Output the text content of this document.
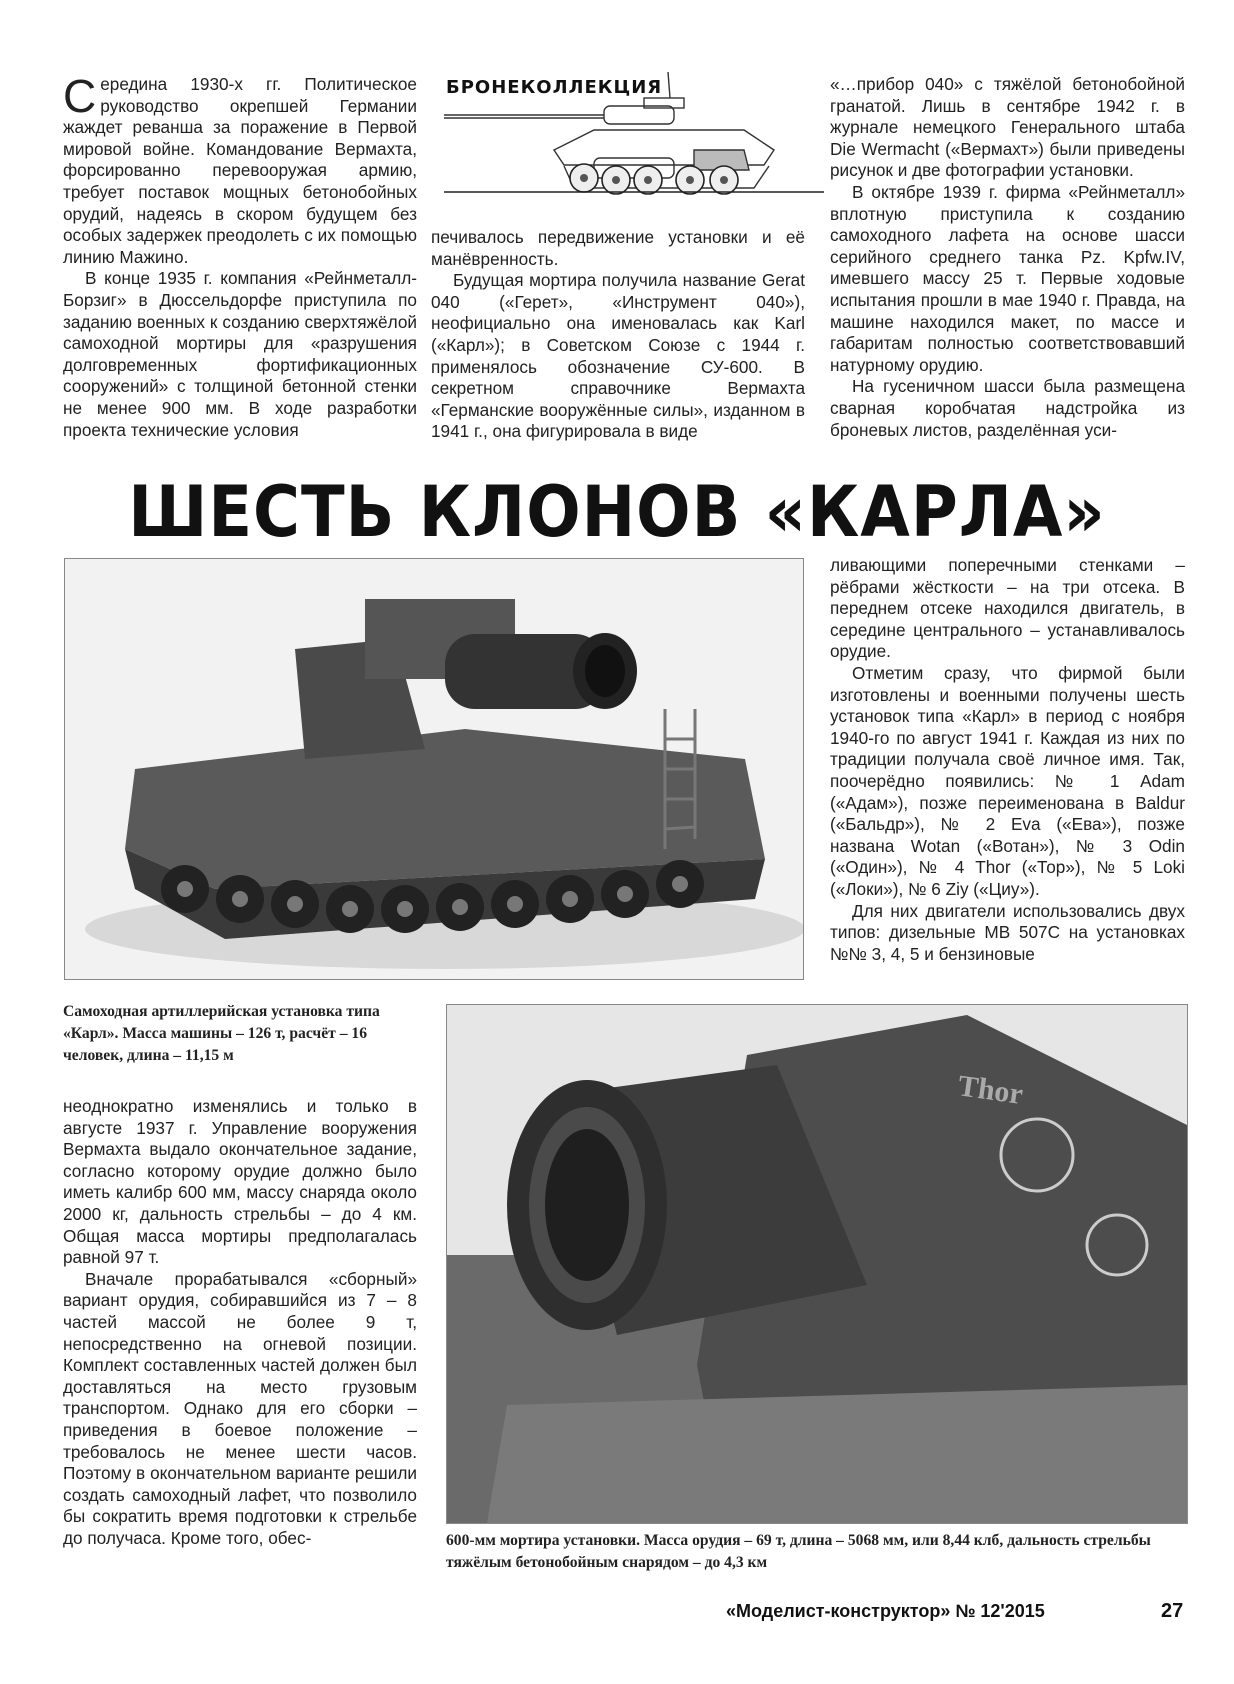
Середина 1930-х гг. Политическое руководство окрепшей Германии жаждет реванша за поражение в Первой мировой войне. Командование Вермахта, форсированно перевооружая армию, требует поставок мощных бетонобойных орудий, надеясь в скором будущем без особых задержек преодолеть с их помощью линию Мажино.

В конце 1935 г. компания «Рейнметалл-Борзиг» в Дюссельдорфе приступила по заданию военных к созданию сверхтяжёлой самоходной мортиры для «разрушения долговременных фортификационных сооружений» с толщиной бетонной стенки не менее 900 мм. В ходе разработки проекта технические условия

БРОНЕКОЛЛЕКЦИЯ

печивалось передвижение установки и её манёвренность.

Будущая мортира получила название Gerat 040 («Герет», «Инструмент 040»), неофициально она именовалась как Karl («Карл»); в Советском Союзе с 1944 г. применялось обозначение СУ-600. В секретном справочнике Вермахта «Германские вооружённые силы», изданном в 1941 г., она фигурировала в виде

«…прибор 040» с тяжёлой бетонобойной гранатой. Лишь в сентябре 1942 г. в журнале немецкого Генерального штаба Die Wermacht («Вермахт») были приведены рисунок и две фотографии установки.

В октябре 1939 г. фирма «Рейнметалл» вплотную приступила к созданию самоходного лафета на основе шасси серийного среднего танка Pz. Kpfw.IV, имевшего массу 25 т. Первые ходовые испытания прошли в мае 1940 г. Правда, на машине находился макет, по массе и габаритам полностью соответствовавший натурному орудию.

На гусеничном шасси была размещена сварная коробчатая надстройка из броневых листов, разделённая уси-

ШЕСТЬ КЛОНОВ «КАРЛА»

ливающими поперечными стенками – рёбрами жёсткости – на три отсека. В переднем отсеке находился двигатель, в середине центрального – устанавливалось орудие.

Отметим сразу, что фирмой были изготовлены и военными получены шесть установок типа «Карл» в период с ноября 1940-го по август 1941 г. Каждая из них по традиции получала своё личное имя. Так, поочерёдно появились: № 1 Adam («Адам»), позже переименована в Baldur («Бальдр»), № 2 Eva («Ева»), позже названа Wotan («Вотан»), № 3 Odin («Один»), № 4 Thor («Тор»), № 5 Loki («Локи»), № 6 Ziy («Циу»).

Для них двигатели использовались двух типов: дизельные MB 507C на установках №№ 3, 4, 5 и бензиновые

Самоходная артиллерийская установка типа «Карл». Масса машины – 126 т, расчёт – 16 человек, длина – 11,15 м
Thor

неоднократно изменялись и только в августе 1937 г. Управление вооружения Вермахта выдало окончательное задание, согласно которому орудие должно было иметь калибр 600 мм, массу снаряда около 2000 кг, дальность стрельбы – до 4 км. Общая масса мортиры предполагалась равной 97 т.

Вначале прорабатывался «сборный» вариант орудия, собиравшийся из 7 – 8 частей массой не более 9 т, непосредственно на огневой позиции. Комплект составленных частей должен был доставляться на место грузовым транспортом. Однако для его сборки – приведения в боевое положение – требовалось не менее шести часов. Поэтому в окончательном варианте решили создать самоходный лафет, что позволило бы сократить время подготовки к стрельбе до получаса. Кроме того, обес-	600-мм мортира установки. Масса орудия – 69 т, длина – 5068 мм, или 8,44 клб, дальность стрельбы тяжёлым бетонобойным снарядом – до 4,3 км
«Моделист-конструктор» № 12'2015	27
